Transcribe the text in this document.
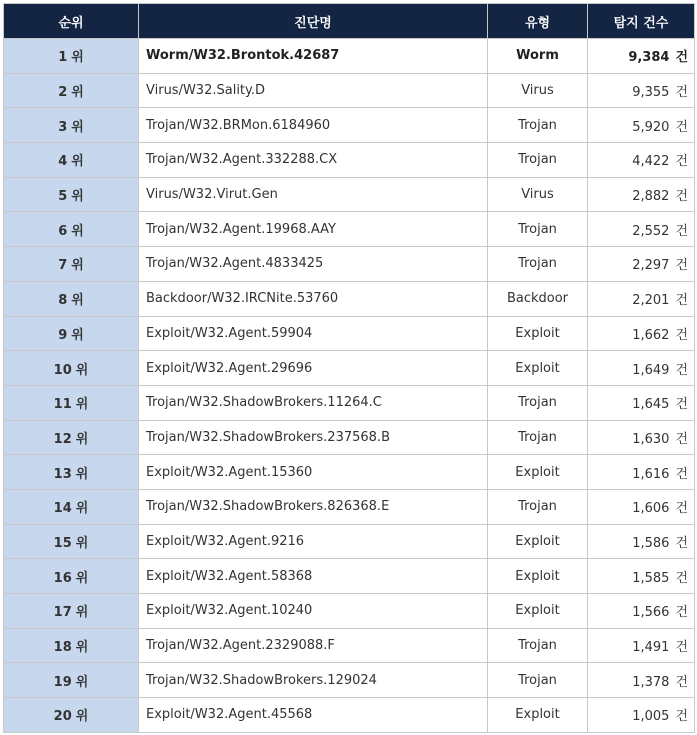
순위	진단명	유형	탐지 건수
1 위	Worm/W32.Brontok.42687	Worm	9,384 건
2 위	Virus/W32.Sality.D	Virus	9,355 건
3 위	Trojan/W32.BRMon.6184960	Trojan	5,920 건
4 위	Trojan/W32.Agent.332288.CX	Trojan	4,422 건
5 위	Virus/W32.Virut.Gen	Virus	2,882 건
6 위	Trojan/W32.Agent.19968.AAY	Trojan	2,552 건
7 위	Trojan/W32.Agent.4833425	Trojan	2,297 건
8 위	Backdoor/W32.IRCNite.53760	Backdoor	2,201 건
9 위	Exploit/W32.Agent.59904	Exploit	1,662 건
10 위	Exploit/W32.Agent.29696	Exploit	1,649 건
11 위	Trojan/W32.ShadowBrokers.11264.C	Trojan	1,645 건
12 위	Trojan/W32.ShadowBrokers.237568.B	Trojan	1,630 건
13 위	Exploit/W32.Agent.15360	Exploit	1,616 건
14 위	Trojan/W32.ShadowBrokers.826368.E	Trojan	1,606 건
15 위	Exploit/W32.Agent.9216	Exploit	1,586 건
16 위	Exploit/W32.Agent.58368	Exploit	1,585 건
17 위	Exploit/W32.Agent.10240	Exploit	1,566 건
18 위	Trojan/W32.Agent.2329088.F	Trojan	1,491 건
19 위	Trojan/W32.ShadowBrokers.129024	Trojan	1,378 건
20 위	Exploit/W32.Agent.45568	Exploit	1,005 건
